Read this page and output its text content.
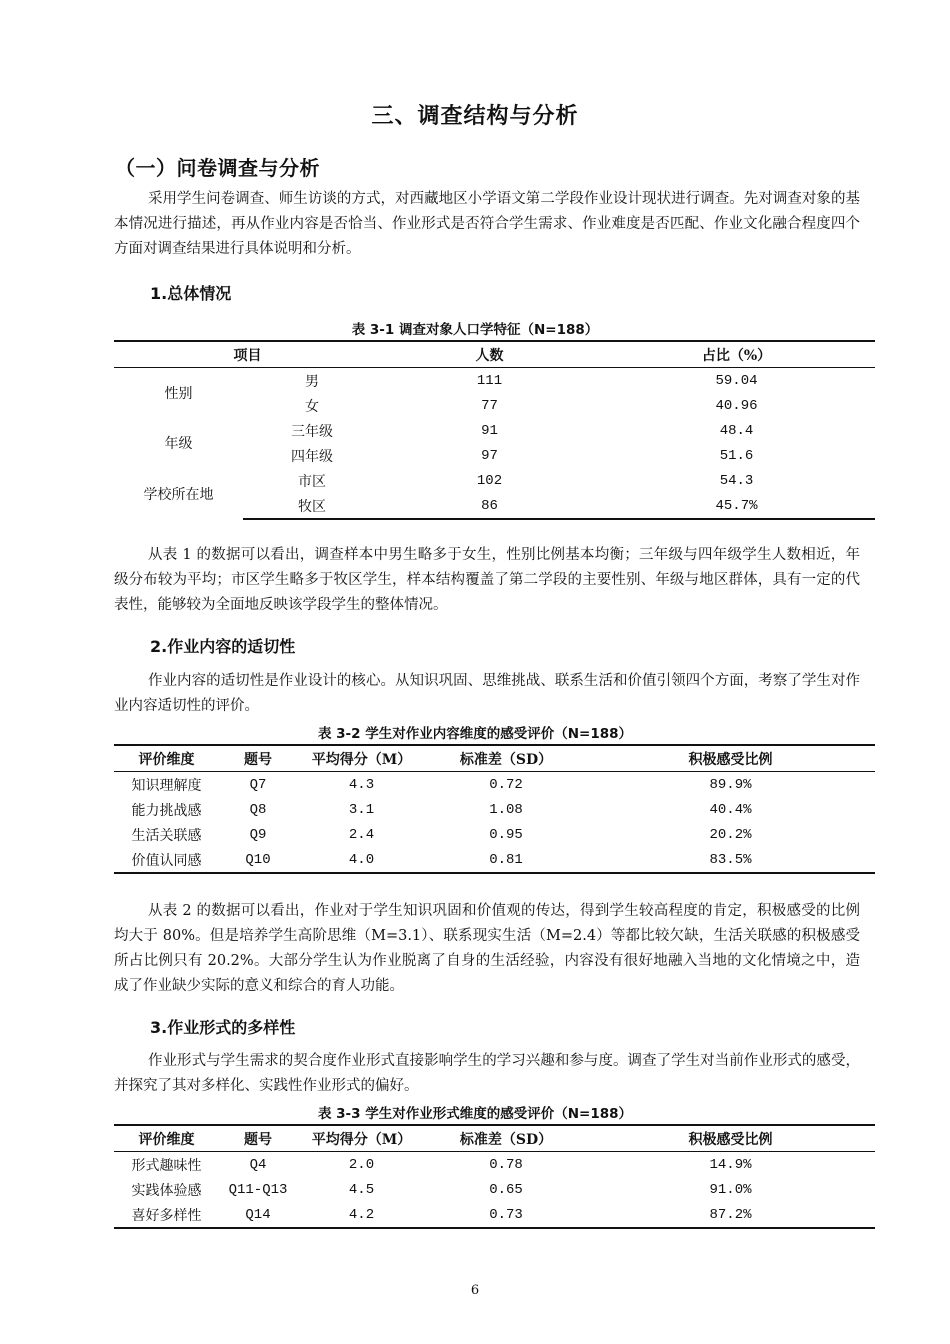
三、调查结构与分析
（一）问卷调查与分析

采用学生问卷调查、师生访谈的方式，对西藏地区小学语文第二学段作业设计现状进行调查。先对调查对象的基本情况进行描述，再从作业内容是否恰当、作业形式是否符合学生需求、作业难度是否匹配、作业文化融合程度四个方面对调查结果进行具体说明和分析。

1.总体情况
表 3-1 调查对象人口学特征（N=188）
项目		人数	占比（%）
性别	男	111	59.04
	女	77	40.96
年级	三年级	91	48.4
	四年级	97	51.6
学校所在地	市区	102	54.3
	牧区	86	45.7%

从表 1 的数据可以看出，调查样本中男生略多于女生，性别比例基本均衡；三年级与四年级学生人数相近，年级分布较为平均；市区学生略多于牧区学生，样本结构覆盖了第二学段的主要性别、年级与地区群体，具有一定的代表性，能够较为全面地反映该学段学生的整体情况。

2.作业内容的适切性

作业内容的适切性是作业设计的核心。从知识巩固、思维挑战、联系生活和价值引领四个方面，考察了学生对作业内容适切性的评价。

表 3-2 学生对作业内容维度的感受评价（N=188）
评价维度	题号	平均得分（M）	标准差（SD）	积极感受比例
知识理解度	Q7	4.3	0.72	89.9%
能力挑战感	Q8	3.1	1.08	40.4%
生活关联感	Q9	2.4	0.95	20.2%
价值认同感	Q10	4.0	0.81	83.5%

从表 2 的数据可以看出，作业对于学生知识巩固和价值观的传达，得到学生较高程度的肯定，积极感受的比例均大于 80%。但是培养学生高阶思维（M=3.1）、联系现实生活（M=2.4）等都比较欠缺，生活关联感的积极感受所占比例只有 20.2%。大部分学生认为作业脱离了自身的生活经验，内容没有很好地融入当地的文化情境之中，造成了作业缺少实际的意义和综合的育人功能。

3.作业形式的多样性

作业形式与学生需求的契合度作业形式直接影响学生的学习兴趣和参与度。调查了学生对当前作业形式的感受，并探究了其对多样化、实践性作业形式的偏好。

表 3-3 学生对作业形式维度的感受评价（N=188）
评价维度	题号	平均得分（M）	标准差（SD）	积极感受比例
形式趣味性	Q4	2.0	0.78	14.9%
实践体验感	Q11-Q13	4.5	0.65	91.0%
喜好多样性	Q14	4.2	0.73	87.2%
6
